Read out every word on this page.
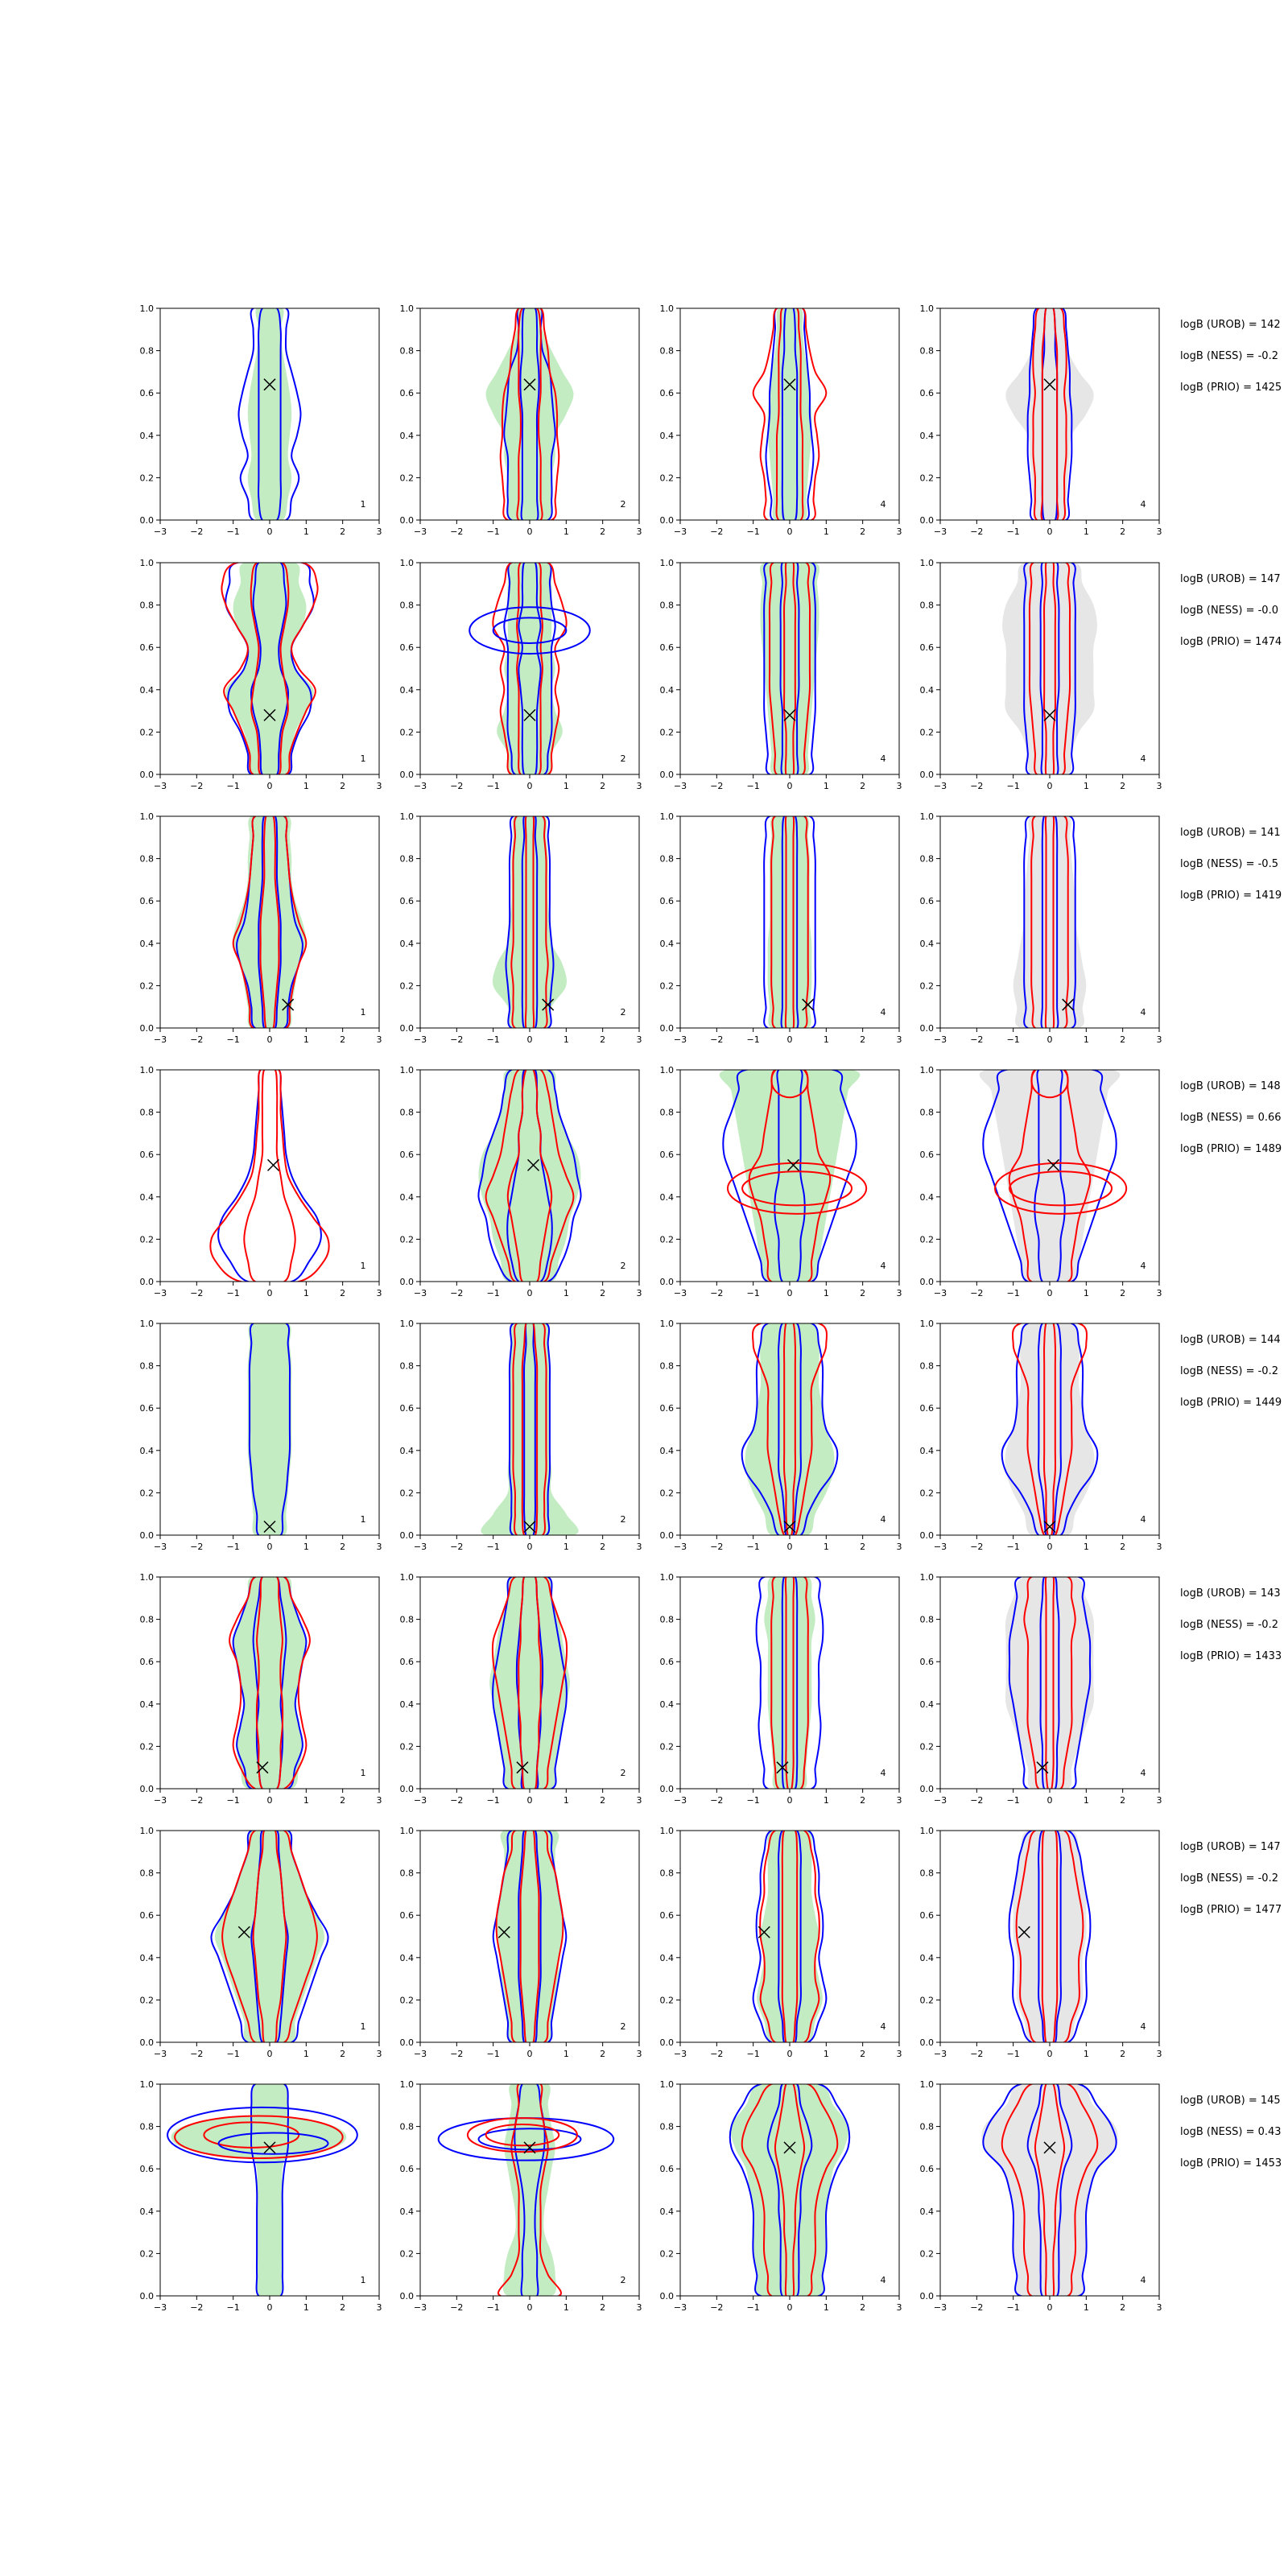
−3	−2	−1	0	1	2	3
0.0
0.2
0.4
0.6
0.8
1.0
1
−3	−2	−1	0	1	2	3
0.0
0.2
0.4
0.6
0.8
1.0
2
−3	−2	−1	0	1	2	3
0.0
0.2
0.4
0.6
0.8
1.0
4
−3	−2	−1	0	1	2	3
0.0
0.2
0.4
0.6
0.8
1.0
4
logB (UROB) = 142
logB (NESS) = -0.2
logB (PRIO) = 1425
−3	−2	−1	0	1	2	3
0.0
0.2
0.4
0.6
0.8
1.0
1
−3	−2	−1	0	1	2	3
0.0
0.2
0.4
0.6
0.8
1.0
2
−3	−2	−1	0	1	2	3
0.0
0.2
0.4
0.6
0.8
1.0
4
−3	−2	−1	0	1	2	3
0.0
0.2
0.4
0.6
0.8
1.0
4
logB (UROB) = 147
logB (NESS) = -0.0
logB (PRIO) = 1474
−3	−2	−1	0	1	2	3
0.0
0.2
0.4
0.6
0.8
1.0
1
−3	−2	−1	0	1	2	3
0.0
0.2
0.4
0.6
0.8
1.0
2
−3	−2	−1	0	1	2	3
0.0
0.2
0.4
0.6
0.8
1.0
4
−3	−2	−1	0	1	2	3
0.0
0.2
0.4
0.6
0.8
1.0
4
logB (UROB) = 141
logB (NESS) = -0.5
logB (PRIO) = 1419
−3	−2	−1	0	1	2	3
0.0
0.2
0.4
0.6
0.8
1.0
1
−3	−2	−1	0	1	2	3
0.0
0.2
0.4
0.6
0.8
1.0
2
−3	−2	−1	0	1	2	3
0.0
0.2
0.4
0.6
0.8
1.0
4
−3	−2	−1	0	1	2	3
0.0
0.2
0.4
0.6
0.8
1.0
4
logB (UROB) = 148
logB (NESS) = 0.66
logB (PRIO) = 1489
−3	−2	−1	0	1	2	3
0.0
0.2
0.4
0.6
0.8
1.0
1
−3	−2	−1	0	1	2	3
0.0
0.2
0.4
0.6
0.8
1.0
2
−3	−2	−1	0	1	2	3
0.0
0.2
0.4
0.6
0.8
1.0
4
−3	−2	−1	0	1	2	3
0.0
0.2
0.4
0.6
0.8
1.0
4
logB (UROB) = 144
logB (NESS) = -0.2
logB (PRIO) = 1449
−3	−2	−1	0	1	2	3
0.0
0.2
0.4
0.6
0.8
1.0
1
−3	−2	−1	0	1	2	3
0.0
0.2
0.4
0.6
0.8
1.0
2
−3	−2	−1	0	1	2	3
0.0
0.2
0.4
0.6
0.8
1.0
4
−3	−2	−1	0	1	2	3
0.0
0.2
0.4
0.6
0.8
1.0
4
logB (UROB) = 143
logB (NESS) = -0.2
logB (PRIO) = 1433
−3	−2	−1	0	1	2	3
0.0
0.2
0.4
0.6
0.8
1.0
1
−3	−2	−1	0	1	2	3
0.0
0.2
0.4
0.6
0.8
1.0
2
−3	−2	−1	0	1	2	3
0.0
0.2
0.4
0.6
0.8
1.0
4
−3	−2	−1	0	1	2	3
0.0
0.2
0.4
0.6
0.8
1.0
4
logB (UROB) = 147
logB (NESS) = -0.2
logB (PRIO) = 1477
−3	−2	−1	0	1	2	3
0.0
0.2
0.4
0.6
0.8
1.0
1
−3	−2	−1	0	1	2	3
0.0
0.2
0.4
0.6
0.8
1.0
2
−3	−2	−1	0	1	2	3
0.0
0.2
0.4
0.6
0.8
1.0
4
−3	−2	−1	0	1	2	3
0.0
0.2
0.4
0.6
0.8
1.0
4
logB (UROB) = 145
logB (NESS) = 0.43
logB (PRIO) = 1453
